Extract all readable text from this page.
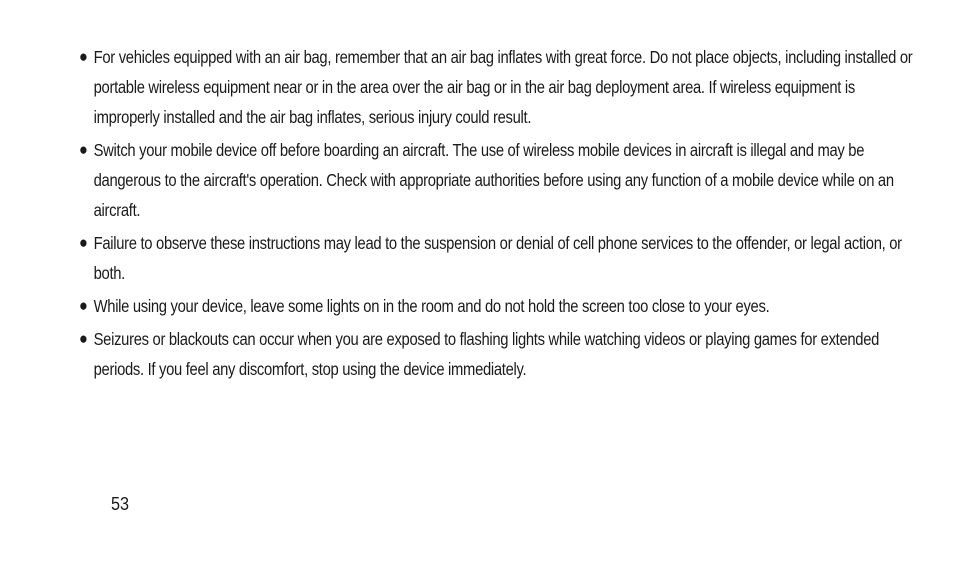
● For vehicles equipped with an air bag, remember that an air bag inflates with great force. Do not place objects, including installed or portable wireless equipment near or in the area over the air bag or in the air bag deployment area. If wireless equipment is improperly installed and the air bag inflates, serious injury could result.
● Switch your mobile device off before boarding an aircraft. The use of wireless mobile devices in aircraft is illegal and may be dangerous to the aircraft's operation. Check with appropriate authorities before using any function of a mobile device while on an aircraft.
● Failure to observe these instructions may lead to the suspension or denial of cell phone services to the offender, or legal action, or both.
● While using your device, leave some lights on in the room and do not hold the screen too close to your eyes.
● Seizures or blackouts can occur when you are exposed to flashing lights while watching videos or playing games for extended periods. If you feel any discomfort, stop using the device immediately.
53
